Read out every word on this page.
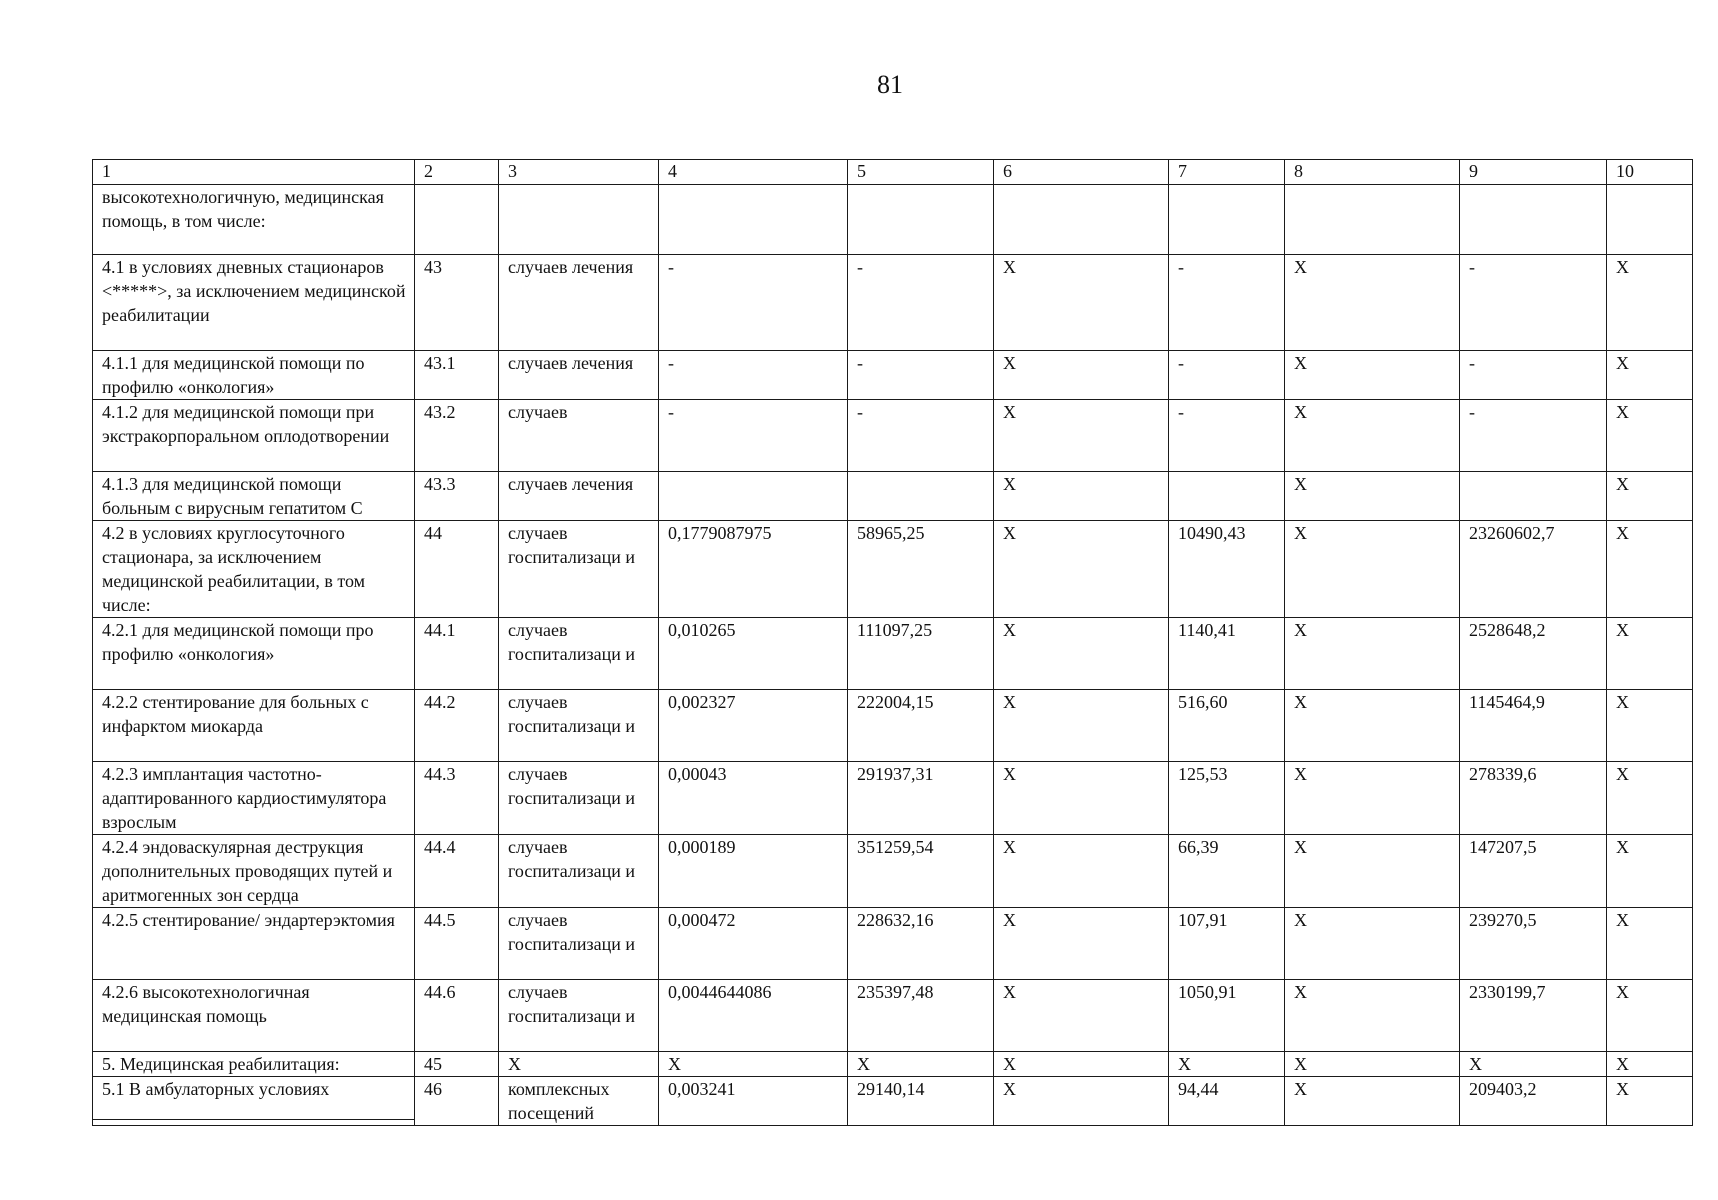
81
1	2	3	4	5	6	7	8	9	10
высокотехнологичную, медицинская помощь, в том числе:									
4.1 в условиях дневных стационаров <*****>, за исключением медицинской реабилитации	43	случаев лечения	-	-	X	-	X	-	X
4.1.1 для медицинской помощи по профилю «онкология»	43.1	случаев лечения	-	-	X	-	X	-	X
4.1.2 для медицинской помощи при экстракорпоральном оплодотворении	43.2	случаев	-	-	X	-	X	-	X
4.1.3 для медицинской помощи больным с вирусным гепатитом С	43.3	случаев лечения			X		X		X
4.2 в условиях круглосуточного стационара, за исключением медицинской реабилитации, в том числе:	44	случаев госпитализаци и	0,1779087975	58965,25	X	10490,43	X	23260602,7	X
4.2.1 для медицинской помощи про профилю «онкология»	44.1	случаев госпитализаци и	0,010265	111097,25	X	1140,41	X	2528648,2	X
4.2.2 стентирование для больных с инфарктом миокарда	44.2	случаев госпитализаци и	0,002327	222004,15	X	516,60	X	1145464,9	X
4.2.3 имплантация частотно-адаптированного кардиостимулятора взрослым	44.3	случаев госпитализаци и	0,00043	291937,31	X	125,53	X	278339,6	X
4.2.4 эндоваскулярная деструкция дополнительных проводящих путей и аритмогенных зон сердца	44.4	случаев госпитализаци и	0,000189	351259,54	X	66,39	X	147207,5	X
4.2.5 стентирование/ эндартерэктомия	44.5	случаев госпитализаци и	0,000472	228632,16	X	107,91	X	239270,5	X
4.2.6 высокотехнологичная медицинская помощь	44.6	случаев госпитализаци и	0,0044644086	235397,48	X	1050,91	X	2330199,7	X
5. Медицинская реабилитация:	45	X	X	X	X	X	X	X	X
5.1 В амбулаторных условиях	46	комплексных посещений	0,003241	29140,14	X	94,44	X	209403,2	X
